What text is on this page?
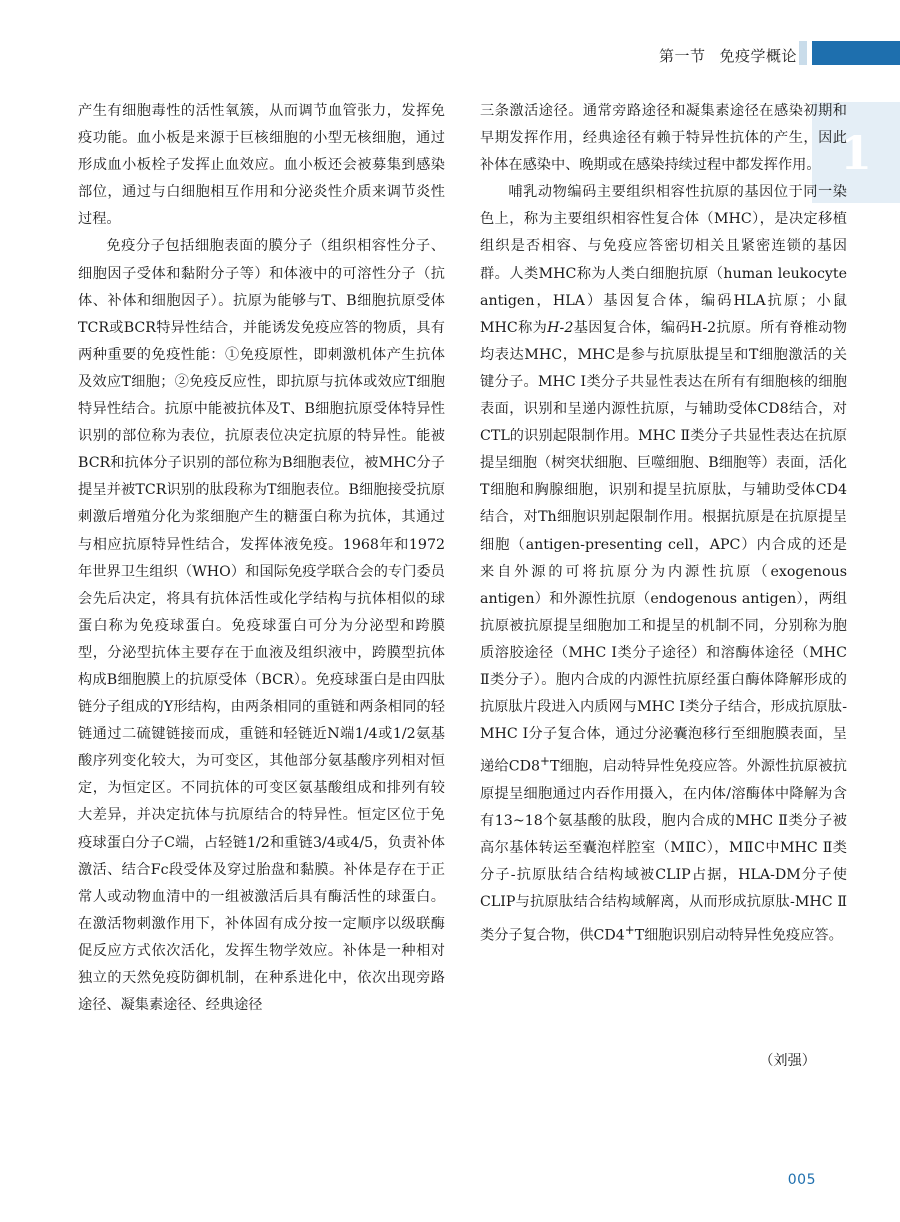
第一节 免疫学概论
1

产生有细胞毒性的活性氧簇，从而调节血管张力，发挥免疫功能。血小板是来源于巨核细胞的小型无核细胞，通过形成血小板栓子发挥止血效应。血小板还会被募集到感染部位，通过与白细胞相互作用和分泌炎性介质来调节炎性过程。

免疫分子包括细胞表面的膜分子（组织相容性分子、细胞因子受体和黏附分子等）和体液中的可溶性分子（抗体、补体和细胞因子）。抗原为能够与T、B细胞抗原受体TCR或BCR特异性结合，并能诱发免疫应答的物质，具有两种重要的免疫性能：①免疫原性，即刺激机体产生抗体及效应T细胞；②免疫反应性，即抗原与抗体或效应T细胞特异性结合。抗原中能被抗体及T、B细胞抗原受体特异性识别的部位称为表位，抗原表位决定抗原的特异性。能被BCR和抗体分子识别的部位称为B细胞表位，被MHC分子提呈并被TCR识别的肽段称为T细胞表位。B细胞接受抗原刺激后增殖分化为浆细胞产生的糖蛋白称为抗体，其通过与相应抗原特异性结合，发挥体液免疫。1968年和1972年世界卫生组织（WHO）和国际免疫学联合会的专门委员会先后决定，将具有抗体活性或化学结构与抗体相似的球蛋白称为免疫球蛋白。免疫球蛋白可分为分泌型和跨膜型，分泌型抗体主要存在于血液及组织液中，跨膜型抗体构成B细胞膜上的抗原受体（BCR）。免疫球蛋白是由四肽链分子组成的Y形结构，由两条相同的重链和两条相同的轻链通过二硫键链接而成，重链和轻链近N端1/4或1/2氨基酸序列变化较大，为可变区，其他部分氨基酸序列相对恒定，为恒定区。不同抗体的可变区氨基酸组成和排列有较大差异，并决定抗体与抗原结合的特异性。恒定区位于免疫球蛋白分子C端，占轻链1/2和重链3/4或4/5，负责补体激活、结合Fc段受体及穿过胎盘和黏膜。补体是存在于正常人或动物血清中的一组被激活后具有酶活性的球蛋白。在激活物刺激作用下，补体固有成分按一定顺序以级联酶促反应方式依次活化，发挥生物学效应。补体是一种相对独立的天然免疫防御机制，在种系进化中，依次出现旁路途径、凝集素途径、经典途径

三条激活途径。通常旁路途径和凝集素途径在感染初期和早期发挥作用，经典途径有赖于特异性抗体的产生，因此补体在感染中、晚期或在感染持续过程中都发挥作用。

哺乳动物编码主要组织相容性抗原的基因位于同一染色上，称为主要组织相容性复合体（MHC），是决定移植组织是否相容、与免疫应答密切相关且紧密连锁的基因群。人类MHC称为人类白细胞抗原（human leukocyte antigen，HLA）基因复合体，编码HLA抗原；小鼠MHC称为H-2基因复合体，编码H-2抗原。所有脊椎动物均表达MHC，MHC是参与抗原肽提呈和T细胞激活的关键分子。MHC Ⅰ类分子共显性表达在所有有细胞核的细胞表面，识别和呈递内源性抗原，与辅助受体CD8结合，对CTL的识别起限制作用。MHC Ⅱ类分子共显性表达在抗原提呈细胞（树突状细胞、巨噬细胞、B细胞等）表面，活化T细胞和胸腺细胞，识别和提呈抗原肽，与辅助受体CD4结合，对Th细胞识别起限制作用。根据抗原是在抗原提呈细胞（antigen-presenting cell，APC）内合成的还是来自外源的可将抗原分为内源性抗原（exogenous antigen）和外源性抗原（endogenous antigen），两组抗原被抗原提呈细胞加工和提呈的机制不同，分别称为胞质溶胶途径（MHC Ⅰ类分子途径）和溶酶体途径（MHC Ⅱ类分子）。胞内合成的内源性抗原经蛋白酶体降解形成的抗原肽片段进入内质网与MHC Ⅰ类分子结合，形成抗原肽-MHC Ⅰ分子复合体，通过分泌囊泡移行至细胞膜表面，呈递给CD8+T细胞，启动特异性免疫应答。外源性抗原被抗原提呈细胞通过内吞作用摄入，在内体/溶酶体中降解为含有13~18个氨基酸的肽段，胞内合成的MHC Ⅱ类分子被高尔基体转运至囊泡样腔室（MⅡC），MⅡC中MHC Ⅱ类分子-抗原肽结合结构域被CLIP占据，HLA-DM分子使CLIP与抗原肽结合结构域解离，从而形成抗原肽-MHC Ⅱ类分子复合物，供CD4+T细胞识别启动特异性免疫应答。

（刘强）
005
